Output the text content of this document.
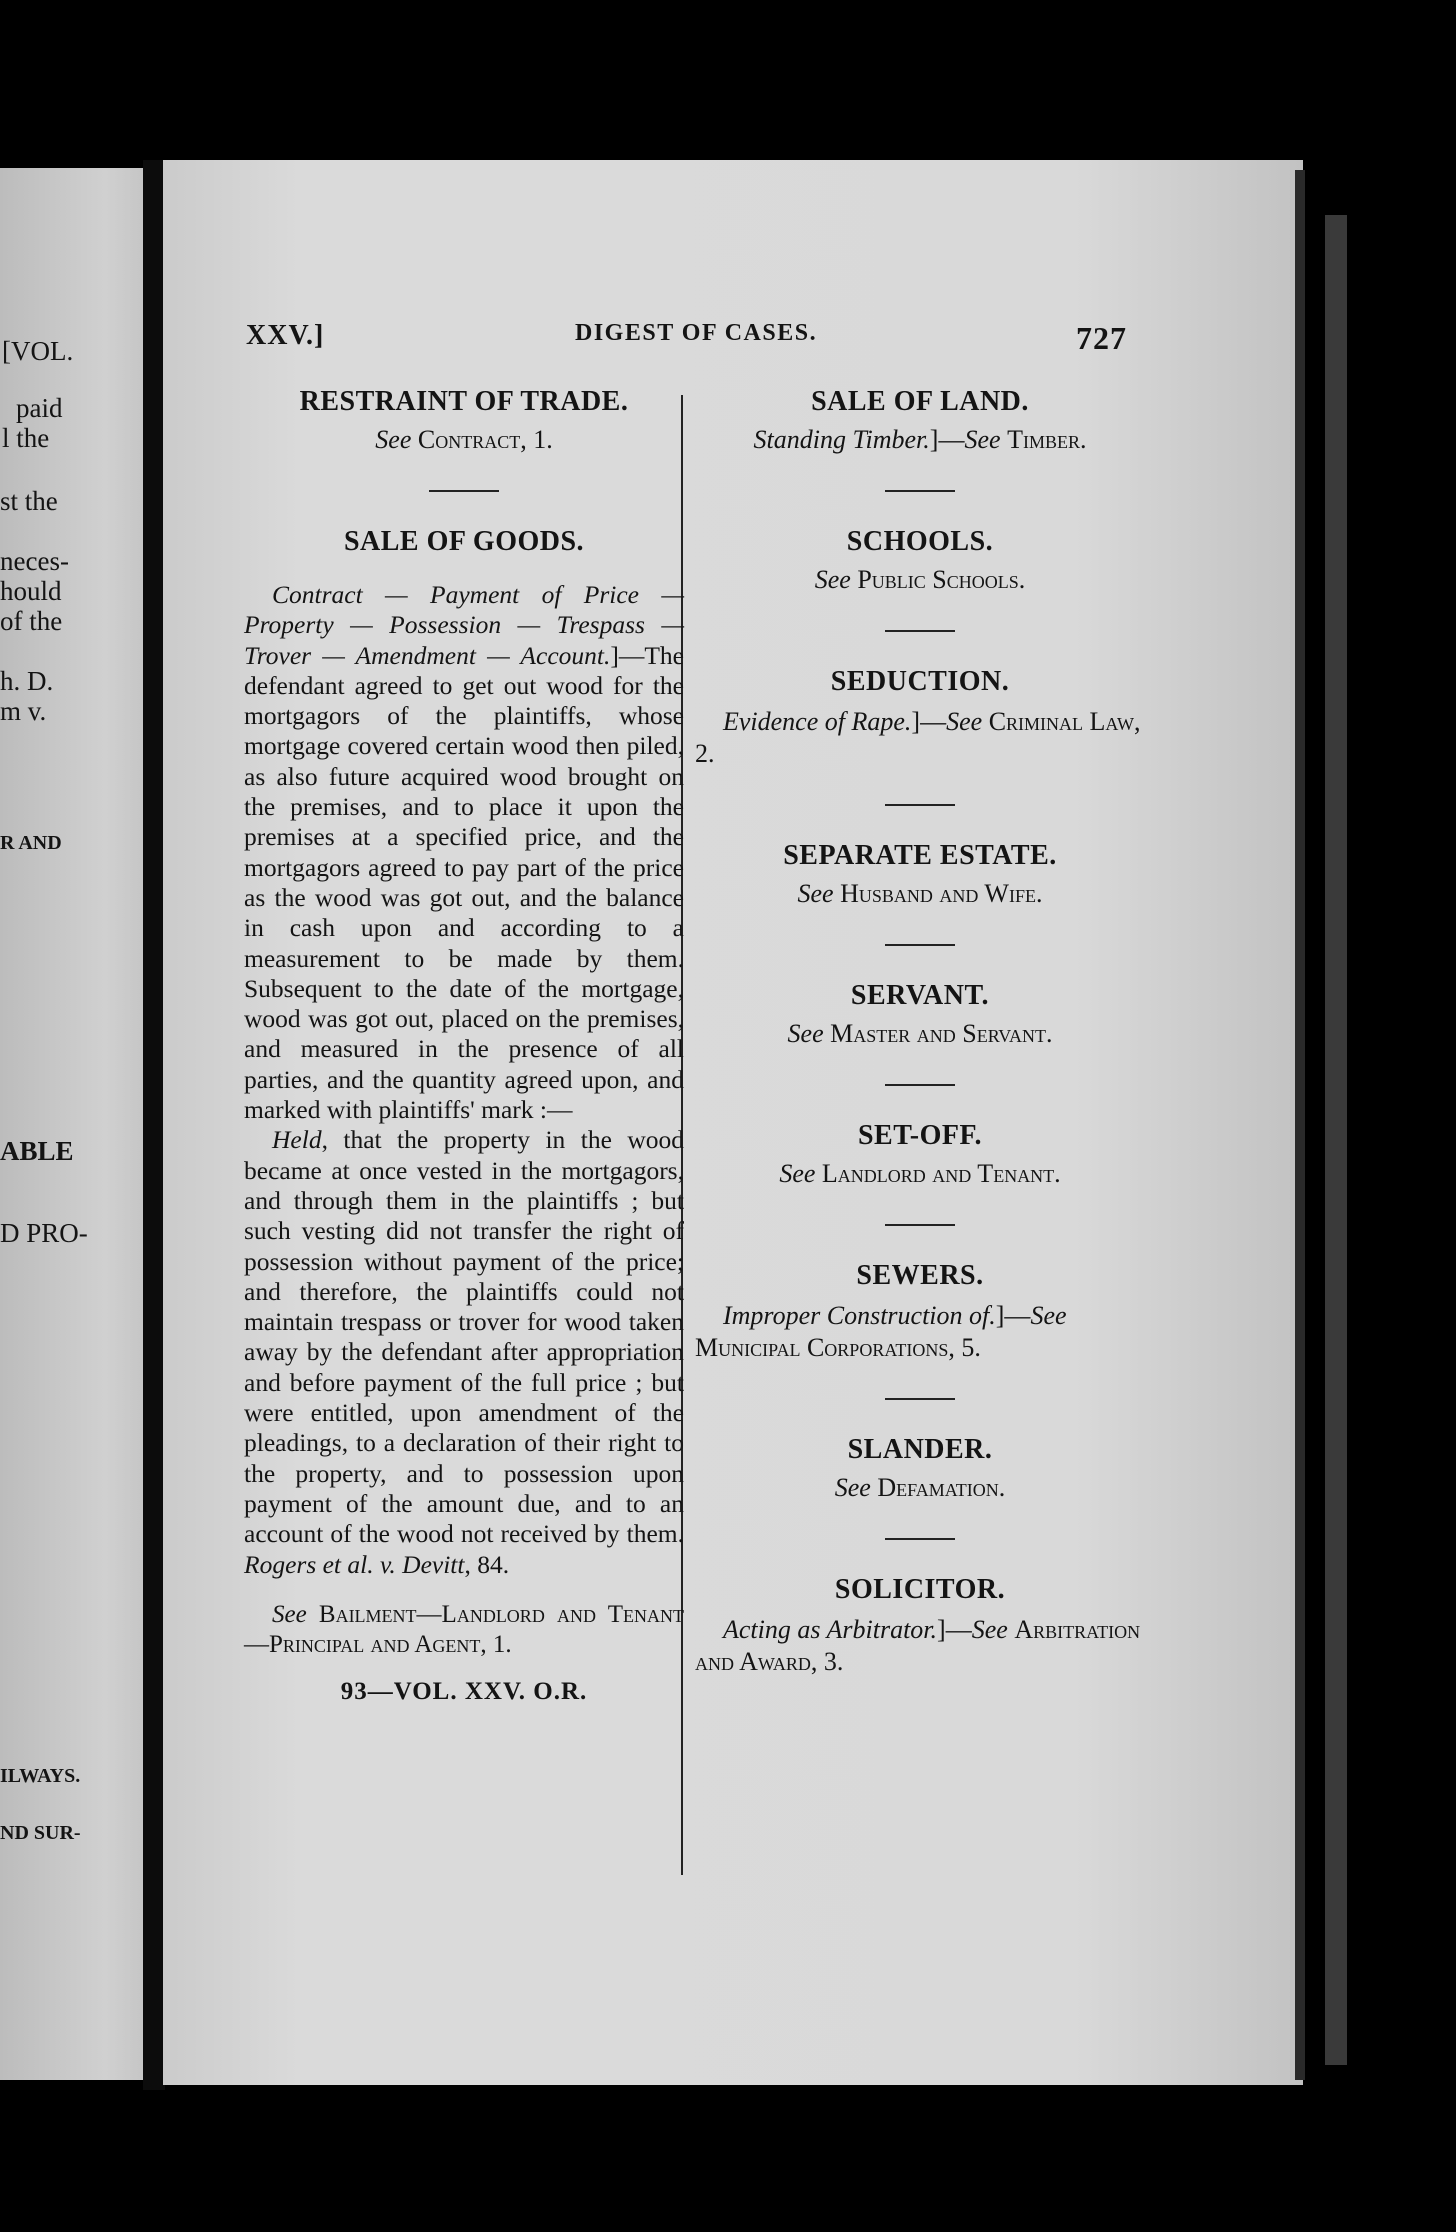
[VOL.
paid
l the
st the
neces-
hould
of the
h. D.
m v.
R AND
ABLE
D PRO-
ILWAYS.
ND SUR-
XXV.]	DIGEST OF CASES.	727

RESTRAINT OF TRADE.

See Contract, 1.

SALE OF GOODS.

Contract — Payment of Price — Property — Possession — Trespass — Trover — Amendment — Account.]—The defendant agreed to get out wood for the mortgagors of the plaintiffs, whose mortgage covered certain wood then piled, as also future acquired wood brought on the premises, and to place it upon the premises at a specified price, and the mortgagors agreed to pay part of the price as the wood was got out, and the balance in cash upon and according to a measurement to be made by them. Subsequent to the date of the mortgage, wood was got out, placed on the premises, and measured in the presence of all parties, and the quantity agreed upon, and marked with plaintiffs' mark :—

Held, that the property in the wood became at once vested in the mortgagors, and through them in the plaintiffs ; but such vesting did not transfer the right of possession without payment of the price; and therefore, the plaintiffs could not maintain trespass or trover for wood taken away by the defendant after appropriation and before payment of the full price ; but were entitled, upon amendment of the pleadings, to a declaration of their right to the property, and to possession upon payment of the amount due, and to an account of the wood not received by them. Rogers et al. v. Devitt, 84.

See Bailment—Landlord and Tenant—Principal and Agent, 1.

93—VOL. XXV. O.R.

SALE OF LAND.

Standing Timber.]—See Timber.

SCHOOLS.

See Public Schools.

SEDUCTION.

Evidence of Rape.]—See Criminal Law, 2.

SEPARATE ESTATE.

See Husband and Wife.

SERVANT.

See Master and Servant.

SET-OFF.

See Landlord and Tenant.

SEWERS.

Improper Construction of.]—See Municipal Corporations, 5.

SLANDER.

See Defamation.

SOLICITOR.

Acting as Arbitrator.]—See Arbitration and Award, 3.
